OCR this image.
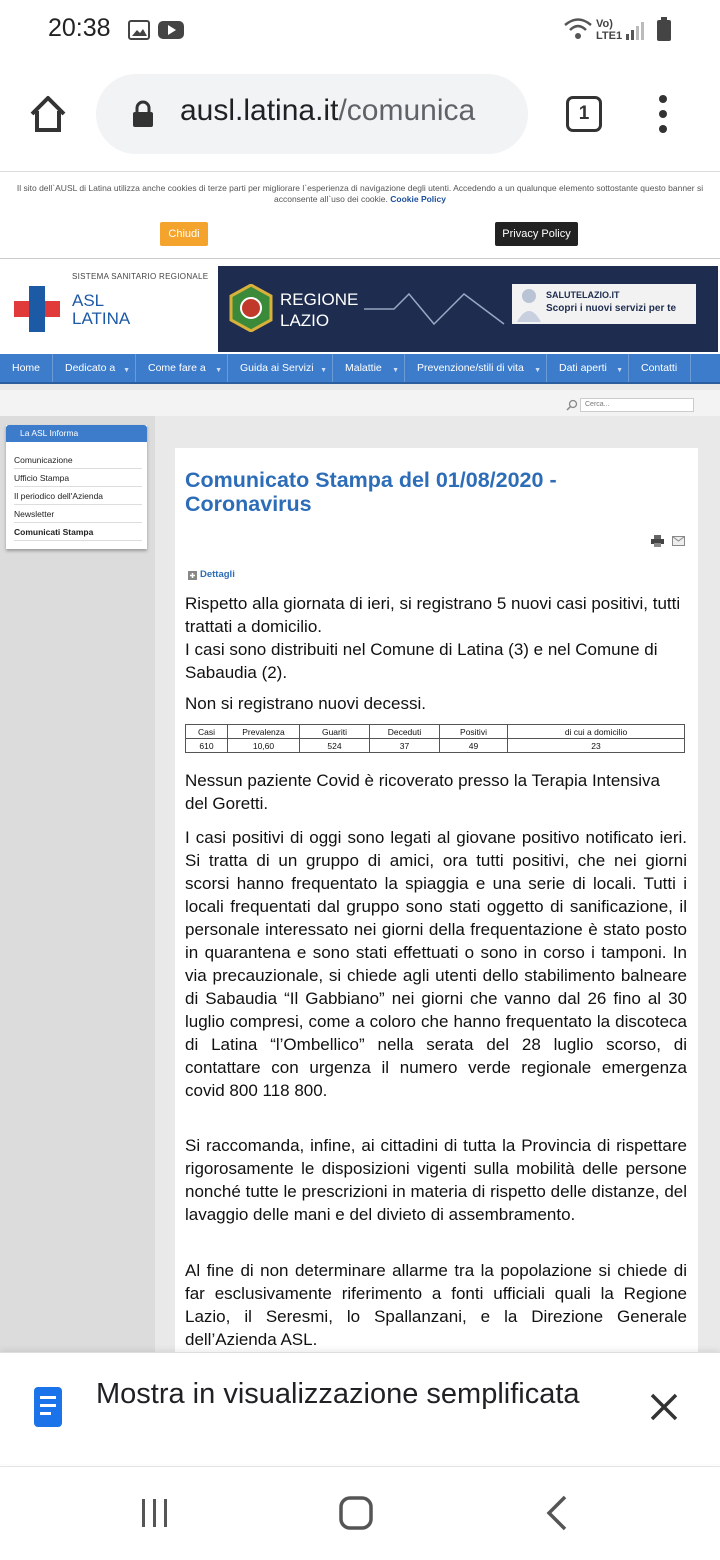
20:38	Vo)
LTE1
ausl.latina.it/comunica	1

Il sito dell`AUSL di Latina utilizza anche cookies di terze parti per migliorare l`esperienza di navigazione degli utenti. Accedendo a un qualunque elemento sottostante questo banner si acconsente all`uso dei cookie. Cookie Policy

Chiudi	Privacy Policy
SISTEMA SANITARIO REGIONALE
ASL
LATINA
REGIONE
LAZIO
SALUTELAZIO.IT
Scopri i nuovi servizi per te
Home	Dedicato a ▼	Come fare a ▼	Guida ai Servizi ▼	Malattie ▼	Prevenzione/stili di vita ▼	Dati aperti ▼	Contatti
Cerca...
La ASL Informa
Comunicazione
Ufficio Stampa
Il periodico dell'Azienda
Newsletter
Comunicati Stampa
Comunicato Stampa del 01/08/2020 - Coronavirus
Dettagli
Rispetto alla giornata di ieri, si registrano 5 nuovi casi positivi, tutti trattati a domicilio.
I casi sono distribuiti nel Comune di Latina (3) e nel Comune di Sabaudia (2).
Non si registrano nuovi decessi.
Casi	Prevalenza	Guariti	Deceduti	Positivi	di cui a domicilio
610	10,60	524	37	49	23
Nessun paziente Covid è ricoverato presso la Terapia Intensiva del Goretti.
I casi positivi di oggi sono legati al giovane positivo notificato ieri. Si tratta di un gruppo di amici, ora tutti positivi, che nei giorni scorsi hanno frequentato la spiaggia e una serie di locali. Tutti i locali frequentati dal gruppo sono stati oggetto di sanificazione, il personale interessato nei giorni della frequentazione è stato posto in quarantena e sono stati effettuati o sono in corso i tamponi. In via precauzionale, si chiede agli utenti dello stabilimento balneare di Sabaudia “Il Gabbiano” nei giorni che vanno dal 26 fino al 30 luglio compresi, come a coloro che hanno frequentato la discoteca di Latina “l’Ombellico” nella serata del 28 luglio scorso, di contattare con urgenza il numero verde regionale emergenza covid 800 118 800.
Si raccomanda, infine, ai cittadini di tutta la Provincia di rispettare rigorosamente le disposizioni vigenti sulla mobilità delle persone nonché tutte le prescrizioni in materia di rispetto delle distanze, del lavaggio delle mani e del divieto di assembramento.
Al fine di non determinare allarme tra la popolazione si chiede di far esclusivamente riferimento a fonti ufficiali quali la Regione Lazio, il Seresmi, lo Spallanzani, e la Direzione Generale dell’Azienda ASL.
Mostra in visualizzazione semplificata
